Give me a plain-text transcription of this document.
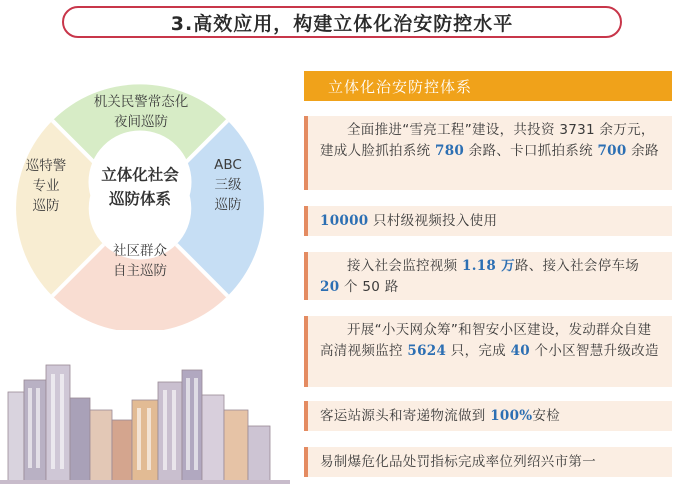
3.高效应用，构建立体化治安防控水平
机关民警常态化
夜间巡防
ABC
三级
巡防
社区群众
自主巡防
巡特警
专业
巡防
立体化社会
巡防体系
立体化治安防控体系
全面推进“雪亮工程”建设，共投资 3731 余万元，建成人脸抓拍系统 780 余路、卡口抓拍系统 700 余路
10000 只村级视频投入使用
接入社会监控视频 1.18 万路、接入社会停车场 20 个 50 路
开展“小天网众筹”和智安小区建设，发动群众自建高清视频监控 5624 只，完成 40 个小区智慧升级改造
客运站源头和寄递物流做到 100%安检
易制爆危化品处罚指标完成率位列绍兴市第一
